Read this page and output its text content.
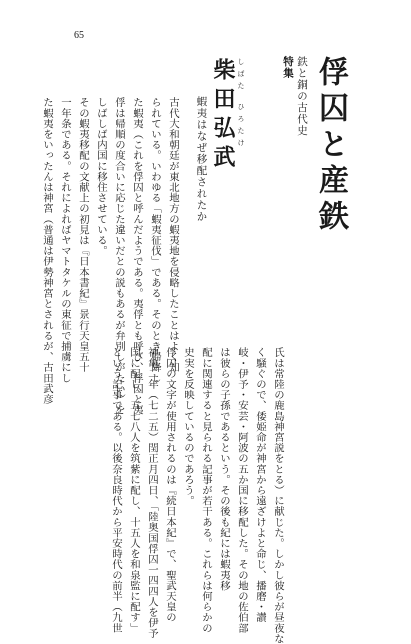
65
特集 鉄と銅の古代史 俘囚と産鉄
しばた
ひろたけ
柴田弘武
蝦夷はなぜ移配されたか
古代大和朝廷が東北地方の蝦夷地を侵略したことはよく知
られている。いわゆる「蝦夷征伐」である。そのとき帰降し
た蝦夷（これを俘囚と呼んだようである。夷俘とも呼び、俘囚と夷
俘は帰順の度合いに応じた違いだとの説もあるが弁別しがたい）を
しばしば内国に移住させている。
その蝦夷移配の文献上の初見は『日本書紀』景行天皇五十
一年条である。それによればヤマトタケルの東征で捕虜にし
た蝦夷をいったんは神宮（普通は伊勢神宮とされるが、古田武彦
氏は常陸の鹿島神宮説をとる）に献じた。しかし彼らが昼夜な
く騒ぐので、倭姫命が神宮から遠ざけよと命じ、播磨・讃
岐・伊予・安芸・阿波の五か国に移配した。その地の佐伯部
は彼らの子孫であるという。その後も紀には蝦夷移
配に関連すると見られる記事が若干ある。これらは何らかの
史実を反映しているのであろう。
俘囚の文字が使用されるのは『続日本紀』で、聖武天皇の
神亀二年（七二五）閏正月四日、「陸奥国俘囚一四四人を伊予
国に配し、五七八人を筑紫に配し、十五人を和泉監に配す」
という記事である。以後奈良時代から平安時代の前半（九世
